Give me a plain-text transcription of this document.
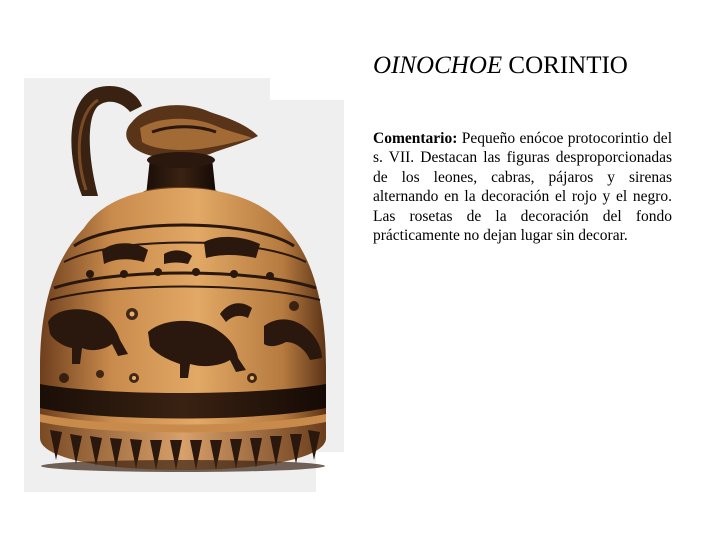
OINOCHOE CORINTIO

Comentario: Pequeño enócoe protocorintio del s. VII. Destacan las figuras desproporcionadas de los leones, cabras, pájaros y sirenas alternando en la decoración el rojo y el negro. Las rosetas de la decoración del fondo prácticamente no dejan lugar sin decorar.
